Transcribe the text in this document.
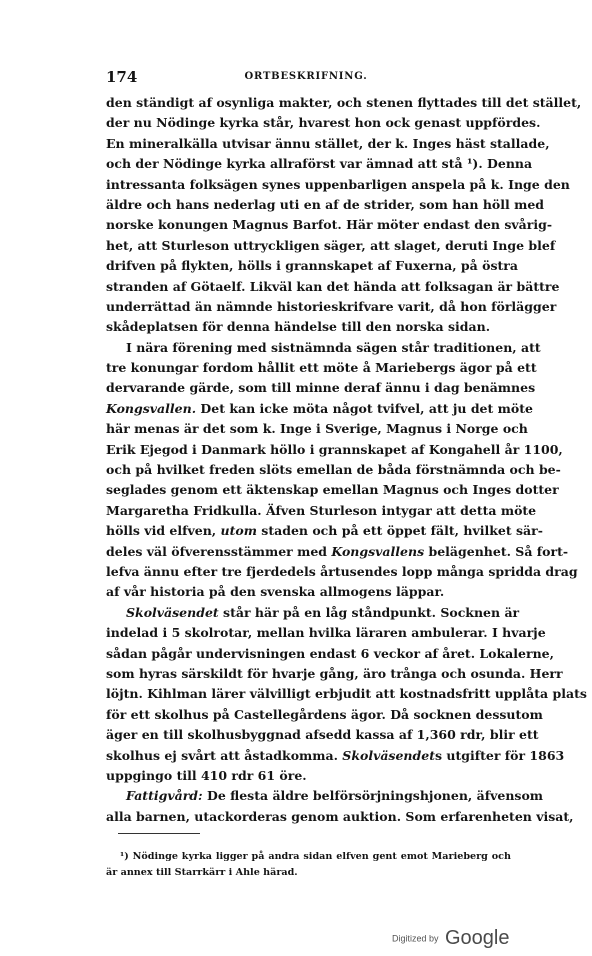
174	ORTBESKRIFNING.
den ständigt af osynliga makter, och stenen flyttades till det stället,
der nu Nödinge kyrka står, hvarest hon ock genast uppfördes.
En mineralkälla utvisar ännu stället, der k. Inges häst stallade,
och der Nödinge kyrka allraförst var ämnad att stå ¹). Denna
intressanta folksägen synes uppenbarligen anspela på k. Inge den
äldre och hans nederlag uti en af de strider, som han höll med
norske konungen Magnus Barfot. Här möter endast den svårig-
het, att Sturleson uttryckligen säger, att slaget, deruti Inge blef
drifven på flykten, hölls i grannskapet af Fuxerna, på östra
stranden af Götaelf. Likväl kan det hända att folksagan är bättre
underrättad än nämnde historieskrifvare varit, då hon förlägger
skådeplatsen för denna händelse till den norska sidan.
I nära förening med sistnämnda sägen står traditionen, att
tre konungar fordom hållit ett möte å Mariebergs ägor på ett
dervarande gärde, som till minne deraf ännu i dag benämnes
Kongsvallen. Det kan icke möta något tvifvel, att ju det möte
här menas är det som k. Inge i Sverige, Magnus i Norge och
Erik Ejegod i Danmark höllo i grannskapet af Kongahell år 1100,
och på hvilket freden slöts emellan de båda förstnämnda och be-
seglades genom ett äktenskap emellan Magnus och Inges dotter
Margaretha Fridkulla. Äfven Sturleson intygar att detta möte
hölls vid elfven, utom staden och på ett öppet fält, hvilket sär-
deles väl öfverensstämmer med Kongsvallens belägenhet. Så fort-
lefva ännu efter tre fjerdedels årtusendes lopp många spridda drag
af vår historia på den svenska allmogens läppar.
Skolväsendet står här på en låg ståndpunkt. Socknen är
indelad i 5 skolrotar, mellan hvilka läraren ambulerar. I hvarje
sådan pågår undervisningen endast 6 veckor af året. Lokalerne,
som hyras särskildt för hvarje gång, äro trånga och osunda. Herr
löjtn. Kihlman lärer välvilligt erbjudit att kostnadsfritt upplåta plats
för ett skolhus på Castellegårdens ägor. Då socknen dessutom
äger en till skolhusbyggnad afsedd kassa af 1,360 rdr, blir ett
skolhus ej svårt att åstadkomma. Skolväsendets utgifter för 1863
uppgingo till 410 rdr 61 öre.
Fattigvård: De flesta äldre belförsörjningshjonen, äfvensom
alla barnen, utackorderas genom auktion. Som erfarenheten visat,
¹) Nödinge kyrka ligger på andra sidan elfven gent emot Marieberg och
är annex till Starrkärr i Ahle härad.
Digitized by Google
